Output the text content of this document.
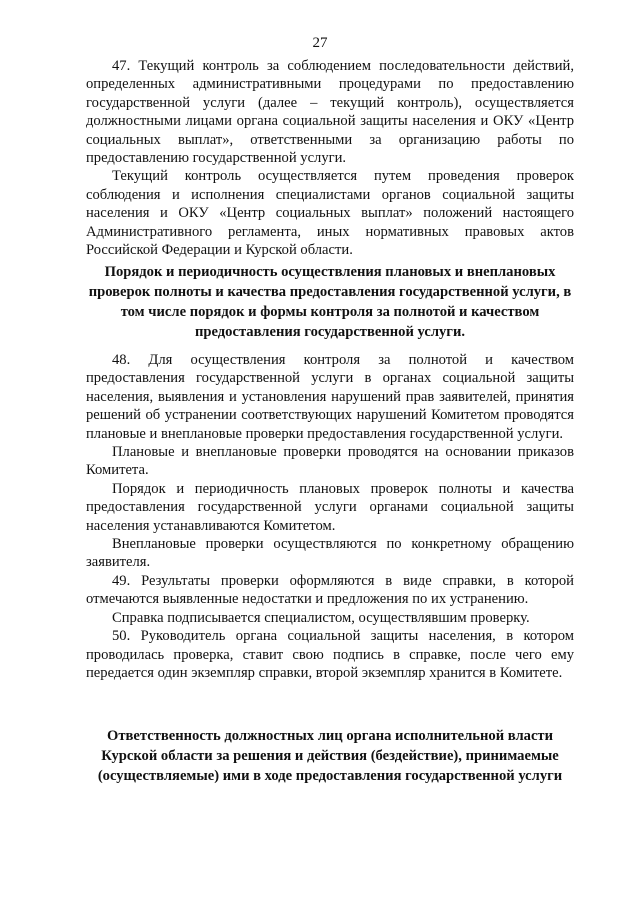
27

47. Текущий контроль за соблюдением последовательности действий, определенных административными процедурами по предоставлению государственной услуги (далее – текущий контроль), осуществляется должностными лицами органа социальной защиты населения и ОКУ «Центр социальных выплат», ответственными за организацию работы по предоставлению государственной услуги.

Текущий контроль осуществляется путем проведения проверок соблюдения и исполнения специалистами органов социальной защиты населения и ОКУ «Центр социальных выплат» положений настоящего Административного регламента, иных нормативных правовых актов Российской Федерации и Курской области.

Порядок и периодичность осуществления плановых и внеплановых проверок полноты и качества предоставления государственной услуги, в том числе порядок и формы контроля за полнотой и качеством предоставления государственной услуги.

48. Для осуществления контроля за полнотой и качеством предоставления государственной услуги в органах социальной защиты населения, выявления и установления нарушений прав заявителей, принятия решений об устранении соответствующих нарушений Комитетом проводятся плановые и внеплановые проверки предоставления государственной услуги.

Плановые и внеплановые проверки проводятся на основании приказов Комитета.

Порядок и периодичность плановых проверок полноты и качества предоставления государственной услуги органами социальной защиты населения устанавливаются Комитетом.

Внеплановые проверки осуществляются по конкретному обращению заявителя.

49. Результаты проверки оформляются в виде справки, в которой отмечаются выявленные недостатки и предложения по их устранению.

Справка подписывается специалистом, осуществлявшим проверку.

50. Руководитель органа социальной защиты населения, в котором проводилась проверка, ставит свою подпись в справке, после чего ему передается один экземпляр справки, второй экземпляр хранится в Комитете.

Ответственность должностных лиц органа исполнительной власти Курской области за решения и действия (бездействие), принимаемые (осуществляемые) ими в ходе предоставления государственной услуги
